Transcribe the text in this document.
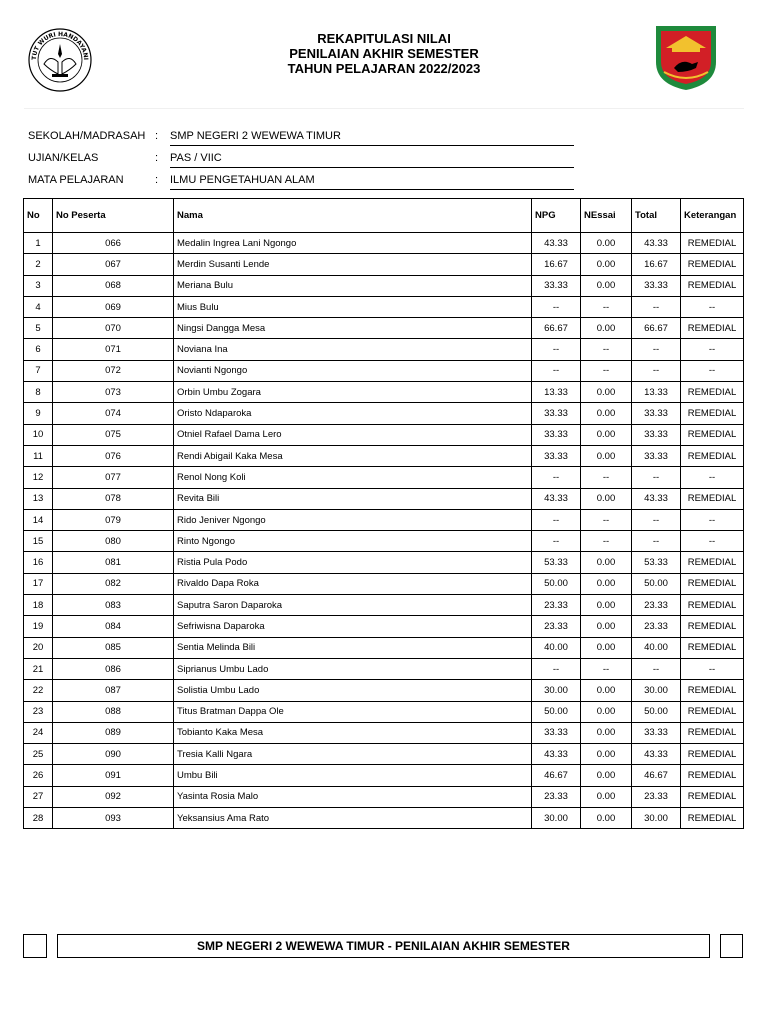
TUT WURI HANDAYANI
REKAPITULASI NILAI
PENILAIAN AKHIR SEMESTER
TAHUN PELAJARAN 2022/2023
SEKOLAH/MADRASAH : SMP NEGERI 2 WEWEWA TIMUR
UJIAN/KELAS	: PAS / VIIC
MATA PELAJARAN	: ILMU PENGETAHUAN ALAM
No	No Peserta	Nama	NPG	NEssai	Total	Keterangan
1	066	Medalin Ingrea Lani Ngongo	43.33	0.00	43.33	REMEDIAL
2	067	Merdin Susanti Lende	16.67	0.00	16.67	REMEDIAL
3	068	Meriana Bulu	33.33	0.00	33.33	REMEDIAL
4	069	Mius Bulu	--	--	--	--
5	070	Ningsi Dangga Mesa	66.67	0.00	66.67	REMEDIAL
6	071	Noviana Ina	--	--	--	--
7	072	Novianti Ngongo	--	--	--	--
8	073	Orbin Umbu Zogara	13.33	0.00	13.33	REMEDIAL
9	074	Oristo Ndaparoka	33.33	0.00	33.33	REMEDIAL
10	075	Otniel Rafael Dama Lero	33.33	0.00	33.33	REMEDIAL
11	076	Rendi Abigail Kaka Mesa	33.33	0.00	33.33	REMEDIAL
12	077	Renol Nong Koli	--	--	--	--
13	078	Revita Bili	43.33	0.00	43.33	REMEDIAL
14	079	Rido Jeniver Ngongo	--	--	--	--
15	080	Rinto Ngongo	--	--	--	--
16	081	Ristia Pula Podo	53.33	0.00	53.33	REMEDIAL
17	082	Rivaldo Dapa Roka	50.00	0.00	50.00	REMEDIAL
18	083	Saputra Saron Daparoka	23.33	0.00	23.33	REMEDIAL
19	084	Sefriwisna Daparoka	23.33	0.00	23.33	REMEDIAL
20	085	Sentia Melinda Bili	40.00	0.00	40.00	REMEDIAL
21	086	Siprianus Umbu Lado	--	--	--	--
22	087	Solistia Umbu Lado	30.00	0.00	30.00	REMEDIAL
23	088	Titus Bratman Dappa Ole	50.00	0.00	50.00	REMEDIAL
24	089	Tobianto Kaka Mesa	33.33	0.00	33.33	REMEDIAL
25	090	Tresia Kalli Ngara	43.33	0.00	43.33	REMEDIAL
26	091	Umbu Bili	46.67	0.00	46.67	REMEDIAL
27	092	Yasinta Rosia Malo	23.33	0.00	23.33	REMEDIAL
28	093	Yeksansius Ama Rato	30.00	0.00	30.00	REMEDIAL
SMP NEGERI 2 WEWEWA TIMUR - PENILAIAN AKHIR SEMESTER
